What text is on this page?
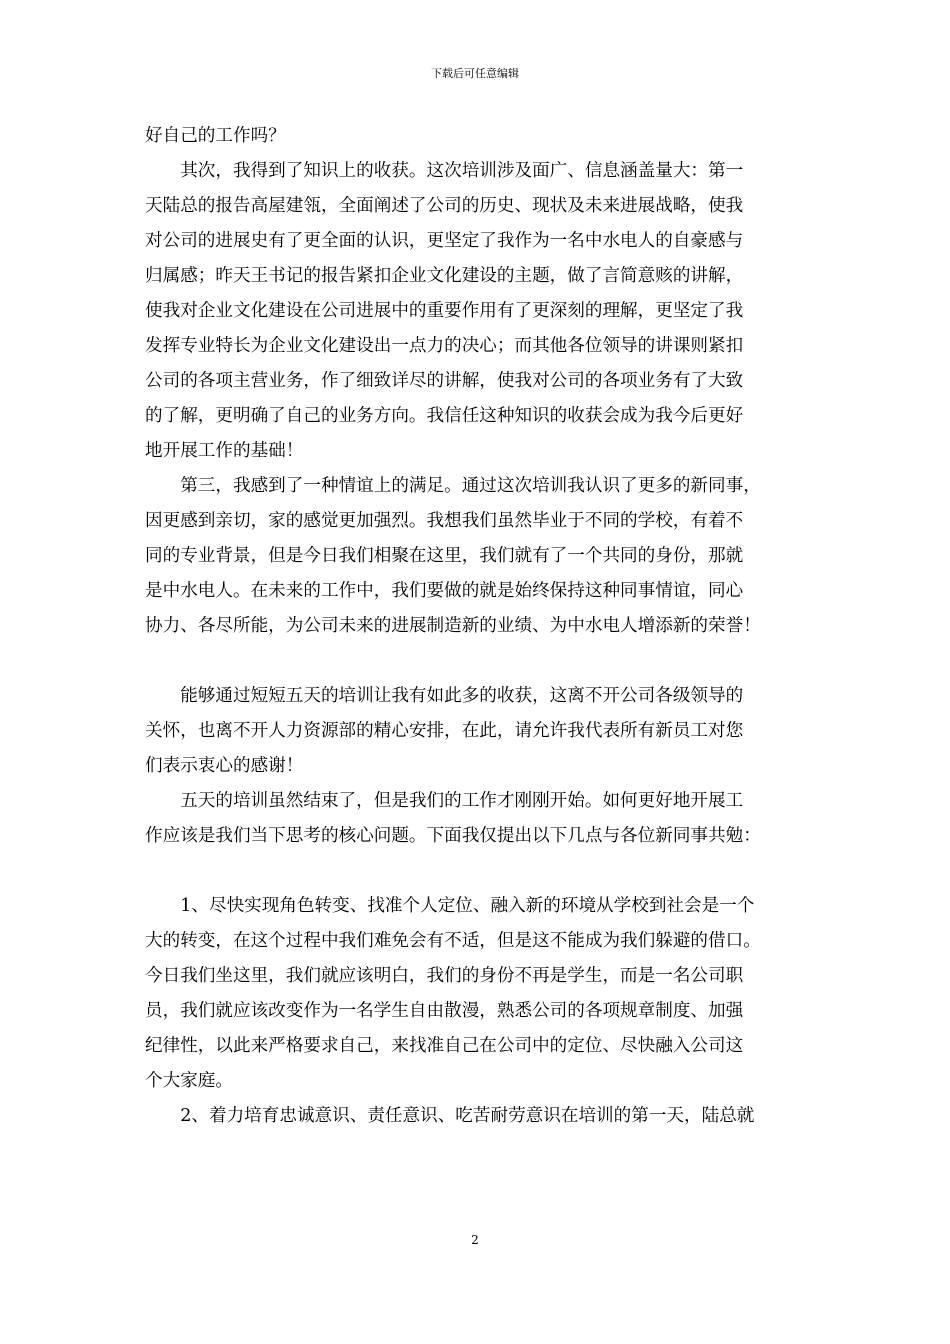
下载后可任意编辑
好自己的工作吗？
　　其次，我得到了知识上的收获。这次培训涉及面广、信息涵盖量大：第一
天陆总的报告高屋建瓴，全面阐述了公司的历史、现状及未来进展战略，使我
对公司的进展史有了更全面的认识，更坚定了我作为一名中水电人的自豪感与
归属感；昨天王书记的报告紧扣企业文化建设的主题，做了言简意赅的讲解，
使我对企业文化建设在公司进展中的重要作用有了更深刻的理解，更坚定了我
发挥专业特长为企业文化建设出一点力的决心；而其他各位领导的讲课则紧扣
公司的各项主营业务，作了细致详尽的讲解，使我对公司的各项业务有了大致
的了解，更明确了自己的业务方向。我信任这种知识的收获会成为我今后更好
地开展工作的基础！
　　第三，我感到了一种情谊上的满足。通过这次培训我认识了更多的新同事，
因更感到亲切，家的感觉更加强烈。我想我们虽然毕业于不同的学校，有着不
同的专业背景，但是今日我们相聚在这里，我们就有了一个共同的身份，那就
是中水电人。在未来的工作中，我们要做的就是始终保持这种同事情谊，同心
协力、各尽所能，为公司未来的进展制造新的业绩、为中水电人增添新的荣誉！
　　能够通过短短五天的培训让我有如此多的收获，这离不开公司各级领导的
关怀，也离不开人力资源部的精心安排，在此，请允许我代表所有新员工对您
们表示衷心的感谢！
　　五天的培训虽然结束了，但是我们的工作才刚刚开始。如何更好地开展工
作应该是我们当下思考的核心问题。下面我仅提出以下几点与各位新同事共勉：
　　1、尽快实现角色转变、找准个人定位、融入新的环境从学校到社会是一个
大的转变，在这个过程中我们难免会有不适，但是这不能成为我们躲避的借口。
今日我们坐这里，我们就应该明白，我们的身份不再是学生，而是一名公司职
员，我们就应该改变作为一名学生自由散漫，熟悉公司的各项规章制度、加强
纪律性，以此来严格要求自己，来找准自己在公司中的定位、尽快融入公司这
个大家庭。
　　2、着力培育忠诚意识、责任意识、吃苦耐劳意识在培训的第一天，陆总就
2
